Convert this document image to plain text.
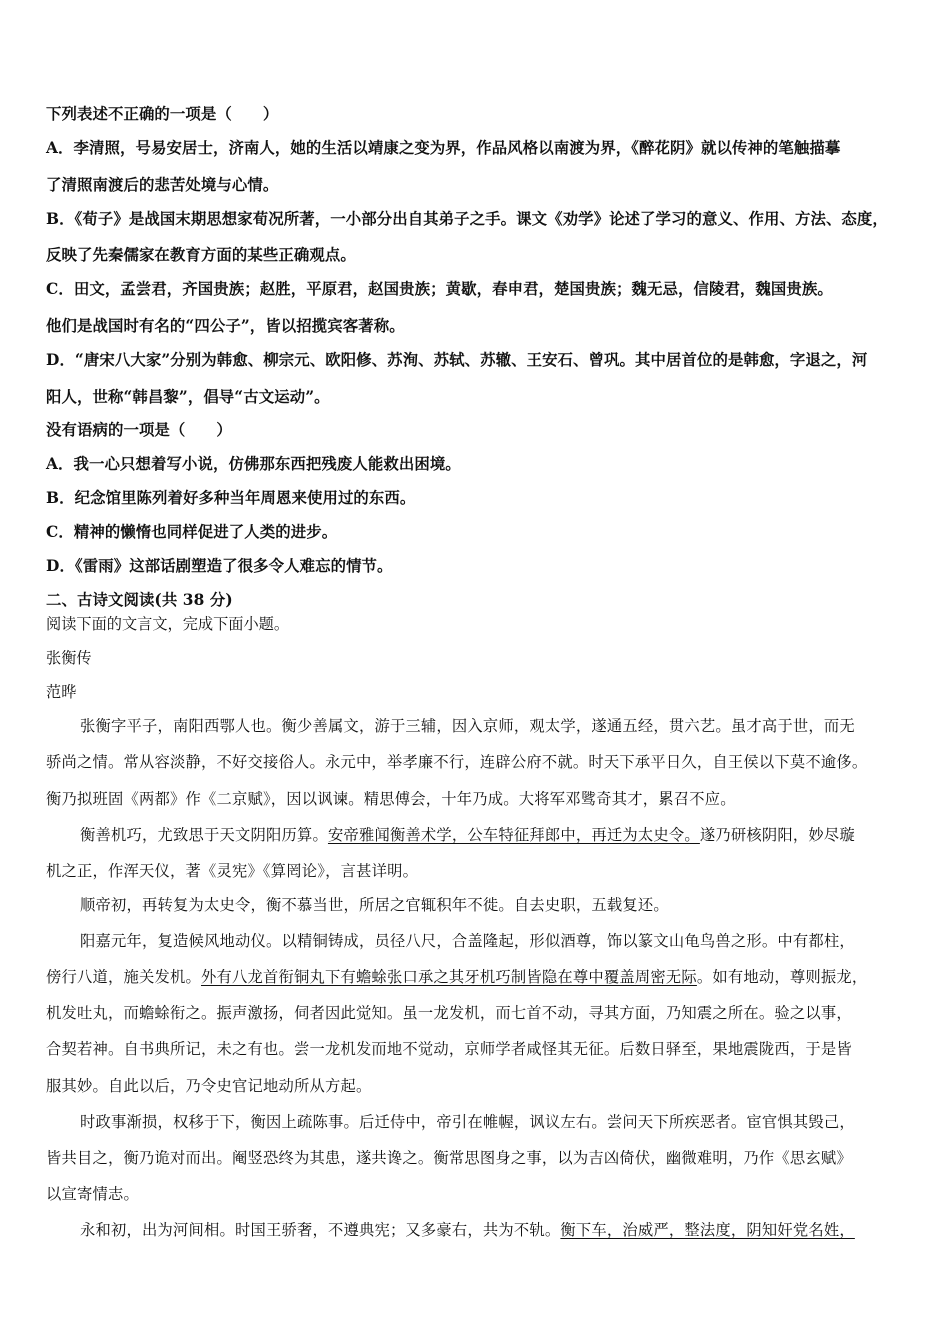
下列表述不正确的一项是（　　）
A．李清照，号易安居士，济南人，她的生活以靖康之变为界，作品风格以南渡为界，《醉花阴》就以传神的笔触描摹
了清照南渡后的悲苦处境与心情。
B．《荀子》是战国末期思想家荀况所著，一小部分出自其弟子之手。课文《劝学》论述了学习的意义、作用、方法、态度，
反映了先秦儒家在教育方面的某些正确观点。
C．田文，孟尝君，齐国贵族；赵胜，平原君，赵国贵族；黄歇，春申君，楚国贵族；魏无忌，信陵君，魏国贵族。
他们是战国时有名的“四公子”，皆以招揽宾客著称。
D．“唐宋八大家”分别为韩愈、柳宗元、欧阳修、苏洵、苏轼、苏辙、王安石、曾巩。其中居首位的是韩愈，字退之，河
阳人，世称“韩昌黎”，倡导“古文运动”。
没有语病的一项是（　　）
A．我一心只想着写小说，仿佛那东西把残废人能救出困境。
B．纪念馆里陈列着好多种当年周恩来使用过的东西。
C．精神的懒惰也同样促进了人类的进步。
D．《雷雨》这部话剧塑造了很多令人难忘的情节。
二、古诗文阅读(共 38 分)
阅读下面的文言文，完成下面小题。
张衡传
范晔
张衡字平子，南阳西鄂人也。衡少善属文，游于三辅，因入京师，观太学，遂通五经，贯六艺。虽才高于世，而无
骄尚之情。常从容淡静，不好交接俗人。永元中，举孝廉不行，连辟公府不就。时天下承平日久，自王侯以下莫不逾侈。
衡乃拟班固《两都》作《二京赋》，因以讽谏。精思傅会，十年乃成。大将军邓骘奇其才，累召不应。
衡善机巧，尤致思于天文阴阳历算。安帝雅闻衡善术学，公车特征拜郎中，再迁为太史令。遂乃研核阴阳，妙尽璇
机之正，作浑天仪，著《灵宪》《算罔论》，言甚详明。
顺帝初，再转复为太史令，衡不慕当世，所居之官辄积年不徙。自去史职，五载复还。
阳嘉元年，复造候风地动仪。以精铜铸成，员径八尺，合盖隆起，形似酒尊，饰以篆文山龟鸟兽之形。中有都柱，
傍行八道，施关发机。外有八龙首衔铜丸下有蟾蜍张口承之其牙机巧制皆隐在尊中覆盖周密无际。如有地动，尊则振龙，
机发吐丸，而蟾蜍衔之。振声激扬，伺者因此觉知。虽一龙发机，而七首不动，寻其方面，乃知震之所在。验之以事，
合契若神。自书典所记，未之有也。尝一龙机发而地不觉动，京师学者咸怪其无征。后数日驿至，果地震陇西，于是皆
服其妙。自此以后，乃令史官记地动所从方起。
时政事渐损，权移于下，衡因上疏陈事。后迁侍中，帝引在帷幄，讽议左右。尝问天下所疾恶者。宦官惧其毁己，
皆共目之，衡乃诡对而出。阉竖恐终为其患，遂共谗之。衡常思图身之事，以为吉凶倚伏，幽微难明，乃作《思玄赋》
以宣寄情志。
永和初，出为河间相。时国王骄奢，不遵典宪；又多豪右，共为不轨。衡下车，治威严，整法度，阴知奸党名姓，
